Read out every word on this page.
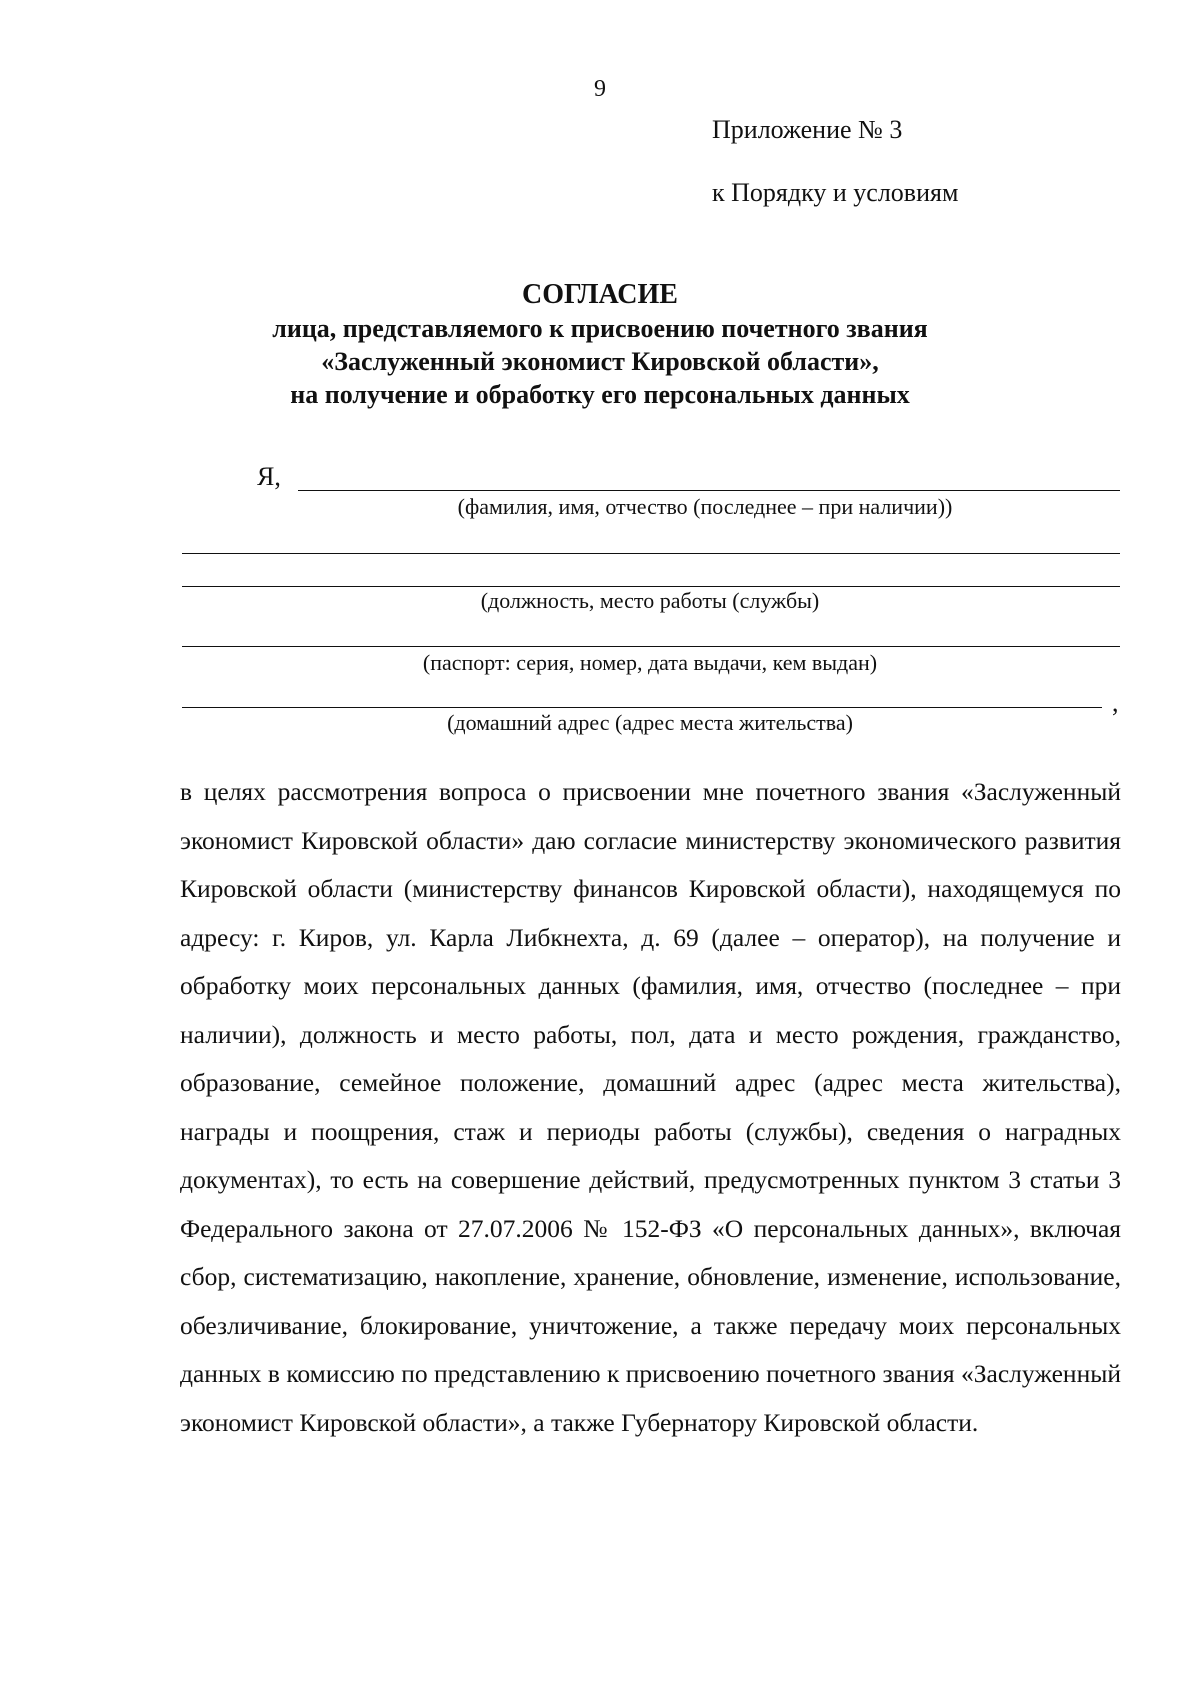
9
Приложение № 3
к Порядку и условиям
СОГЛАСИЕ
лица, представляемого к присвоению почетного звания
«Заслуженный экономист Кировской области»,
на получение и обработку его персональных данных
Я,
(фамилия, имя, отчество (последнее – при наличии))
(должность, место работы (службы)
(паспорт: серия, номер, дата выдачи, кем выдан)
,
(домашний адрес (адрес места жительства)

в целях рассмотрения вопроса о присвоении мне почетного звания «Заслуженный экономист Кировской области» даю согласие министерству экономического развития Кировской области (министерству финансов Кировской области), находящемуся по адресу: г. Киров, ул. Карла Либкнехта, д. 69 (далее – оператор), на получение и обработку моих персональных данных (фамилия, имя, отчество (последнее – при наличии), должность и место работы, пол, дата и место рождения, гражданство, образование, семейное положение, домашний адрес (адрес места жительства), награды и поощрения, стаж и периоды работы (службы), сведения о наградных документах), то есть на совершение действий, предусмотренных пунктом 3 статьи 3 Федерального закона от 27.07.2006 № 152-ФЗ «О персональных данных», включая сбор, систематизацию, накопление, хранение, обновление, изменение, использование, обезличивание, блокирование, уничтожение, а также передачу моих персональных данных в комиссию по представлению к присвоению почетного звания «Заслуженный экономист Кировской области», а также Губернатору Кировской области.
